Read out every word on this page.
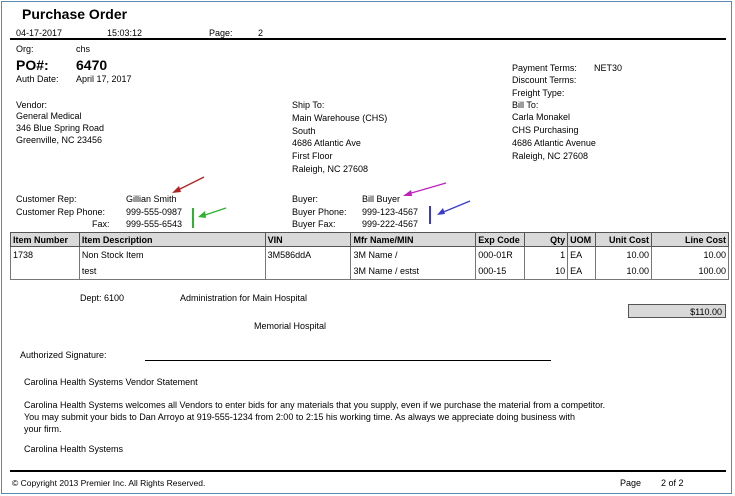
Purchase Order
04-17-2017	15:03:12	Page:	2
Org:	chs
PO#: 6470
Auth Date: April 17, 2017
Payment Terms: NET30
Discount Terms:
Freight Type:
Vendor:
General Medical
346 Blue Spring Road
Greenville, NC 23456
Ship To:
Main Warehouse (CHS)
South
4686 Atlantic Ave
First Floor
Raleigh, NC 27608
Bill To:
Carla Monakel
CHS Purchasing
4686 Atlantic Avenue
Raleigh, NC 27608
Customer Rep:	Gillian Smith
Customer Rep Phone: 999-555-0987
Fax: 999-555-6543
Buyer:	Bill Buyer
Buyer Phone: 999-123-4567
Buyer Fax:	999-222-4567
Item Number	Item Description	VIN	Mfr Name/MIN	Exp Code	Qty	UOM	Unit Cost	Line Cost
1738	Non Stock Item	3M586ddA	3M Name /	000-01R	1	EA	10.00	10.00
	test		3M Name / estst	000-15	10	EA	10.00	100.00
Dept: 6100	Administration for Main Hospital
Memorial Hospital
$110.00
Authorized Signature:
Carolina Health Systems Vendor Statement
Carolina Health Systems welcomes all Vendors to enter bids for any materials that you supply, even if we purchase the material from a competitor.
You may submit your bids to Dan Arroyo at 919-555-1234 from 2:00 to 2:15 his working time. As always we appreciate doing business with
your firm.
Carolina Health Systems
© Copyright 2013 Premier Inc. All Rights Reserved.	Page 2 of 2
